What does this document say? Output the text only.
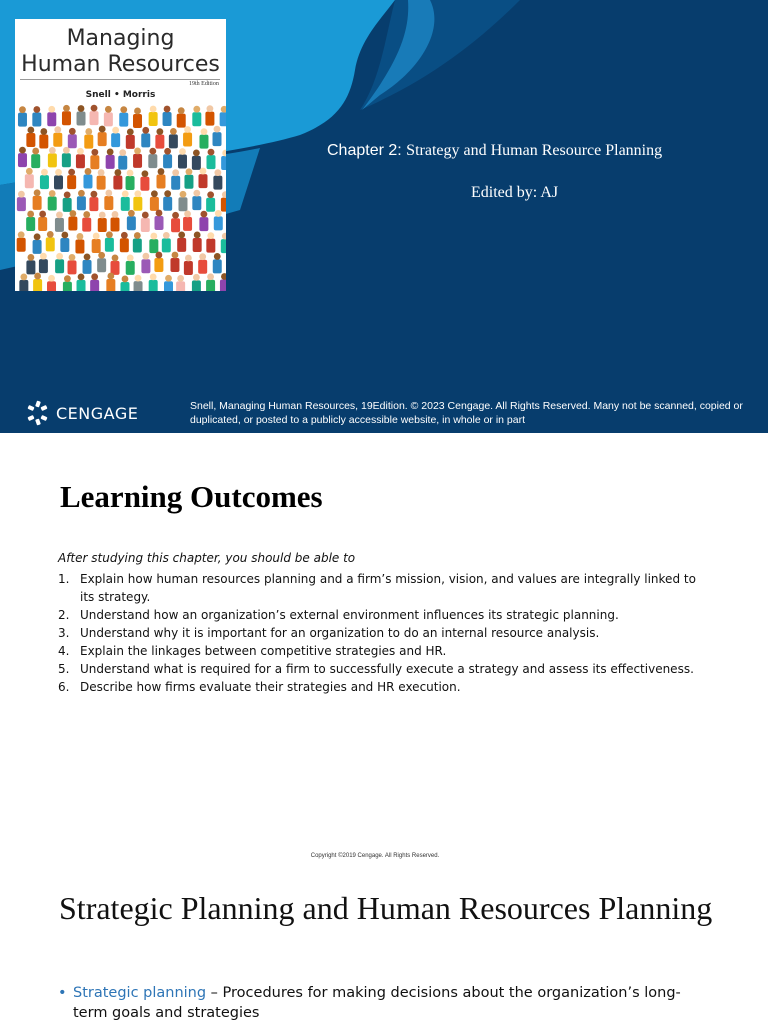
Managing
Human Resources
19th Edition
Snell • Morris
Chapter 2: Strategy and Human Resource Planning
Edited by: AJ
CENGAGE	Snell, Managing Human Resources, 19Edition. © 2023 Cengage. All Rights Reserved. Many not be scanned, copied or duplicated, or posted to a publicly accessible website, in whole or in part
Learning Outcomes
After studying this chapter, you should be able to
1. Explain how human resources planning and a firm’s mission, vision, and values are integrally linked to its strategy.
2. Understand how an organization’s external environment influences its strategic planning.
3. Understand why it is important for an organization to do an internal resource analysis.
4. Explain the linkages between competitive strategies and HR.
5. Understand what is required for a firm to successfully execute a strategy and assess its effectiveness.
6. Describe how firms evaluate their strategies and HR execution.
Copyright ©2019 Cengage. All Rights Reserved.
Strategic Planning and Human Resources Planning
• Strategic planning – Procedures for making decisions about the organization’s long-term goals and strategies
